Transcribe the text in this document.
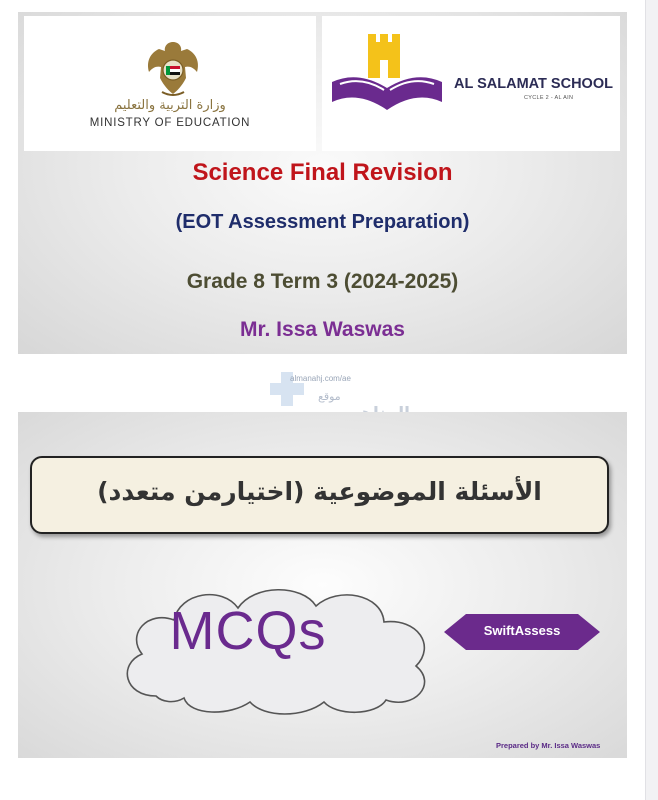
وزارة التربية والتعليم
MINISTRY OF EDUCATION
AL SALAMAT SCHOOL
CYCLE 2 - AL AIN
Science Final Revision
(EOT Assessment Preparation)
Grade 8 Term 3 (2024-2025)
Mr. Issa Waswas
almanahj.com/ae
موقع
الأسئلة الموضوعية (اختيارمن متعدد)
MCQs	SwiftAssess
Prepared by Mr. Issa Waswas
